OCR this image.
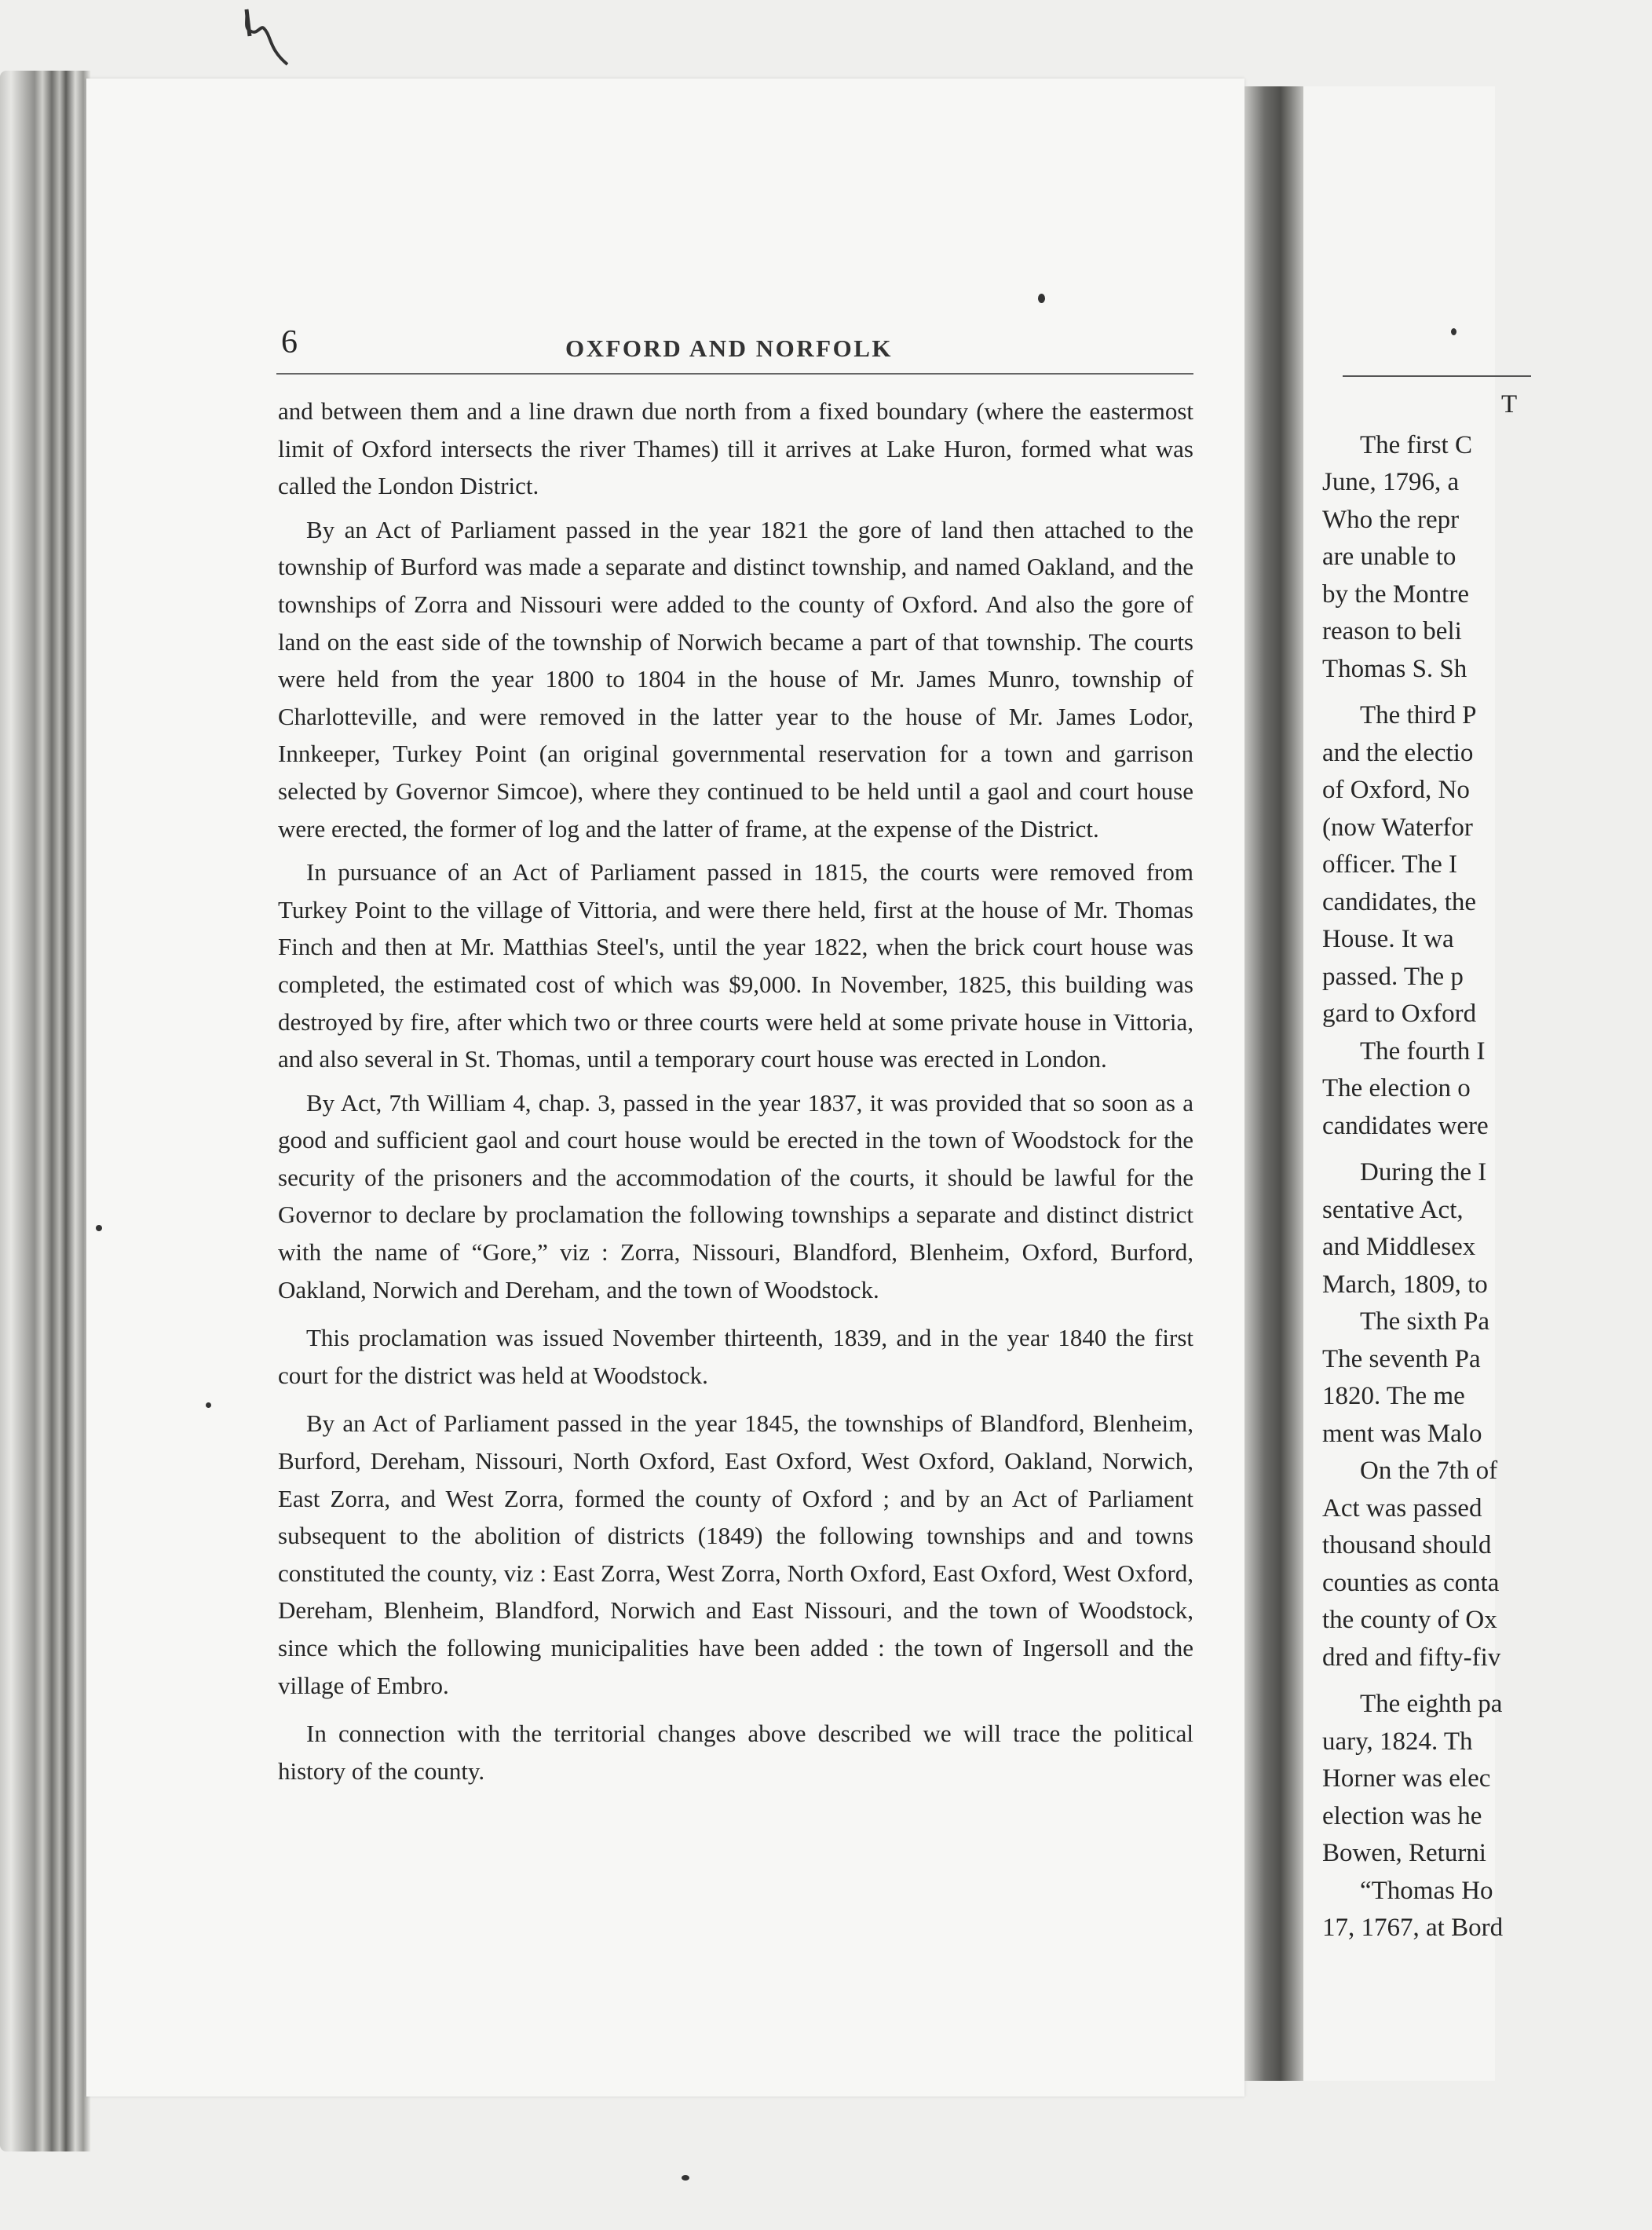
T
The first C
June, 1796, a
Who the repr
are unable to
by the Montre
reason to beli
Thomas S. Sh
The third P
and the electio
of Oxford, No
(now Waterfor
officer. The I
candidates, the
House. It wa
passed. The p
gard to Oxford
The fourth I
The election o
candidates were
During the I
sentative Act,
and Middlesex
March, 1809, to
The sixth Pa
The seventh Pa
1820. The me
ment was Malo
On the 7th of
Act was passed
thousand should
counties as conta
the county of Ox
dred and fifty-fiv
The eighth pa
uary, 1824. Th
Horner was elec
election was he
Bowen, Returni
“Thomas Ho
17, 1767, at Bord
6	OXFORD AND NORFOLK

and between them and a line drawn due north from a fixed boundary (where the eastermost limit of Oxford intersects the river Thames) till it arrives at Lake Huron, formed what was called the London District.

By an Act of Parliament passed in the year 1821 the gore of land then attached to the township of Burford was made a separate and distinct township, and named Oakland, and the townships of Zorra and Nissouri were added to the county of Oxford. And also the gore of land on the east side of the township of Norwich became a part of that township. The courts were held from the year 1800 to 1804 in the house of Mr. James Munro, township of Charlotteville, and were removed in the latter year to the house of Mr. James Lodor, Innkeeper, Turkey Point (an original governmental reservation for a town and garrison selected by Governor Simcoe), where they continued to be held until a gaol and court house were erected, the former of log and the latter of frame, at the expense of the District.

In pursuance of an Act of Parliament passed in 1815, the courts were removed from Turkey Point to the village of Vittoria, and were there held, first at the house of Mr. Thomas Finch and then at Mr. Matthias Steel's, until the year 1822, when the brick court house was completed, the estimated cost of which was $9,000. In November, 1825, this building was destroyed by fire, after which two or three courts were held at some private house in Vittoria, and also several in St. Thomas, until a temporary court house was erected in London.

By Act, 7th William 4, chap. 3, passed in the year 1837, it was provided that so soon as a good and sufficient gaol and court house would be erected in the town of Woodstock for the security of the prisoners and the accommodation of the courts, it should be lawful for the Governor to declare by proclamation the following townships a separate and distinct district with the name of “Gore,” viz : Zorra, Nissouri, Blandford, Blenheim, Oxford, Burford, Oakland, Norwich and Dereham, and the town of Woodstock.

This proclamation was issued November thirteenth, 1839, and in the year 1840 the first court for the district was held at Woodstock.

By an Act of Parliament passed in the year 1845, the townships of Blandford, Blenheim, Burford, Dereham, Nissouri, North Oxford, East Oxford, West Oxford, Oakland, Norwich, East Zorra, and West Zorra, formed the county of Oxford ; and by an Act of Parliament subsequent to the abolition of districts (1849) the following townships and and towns constituted the county, viz : East Zorra, West Zorra, North Oxford, East Oxford, West Oxford, Dereham, Blenheim, Blandford, Norwich and East Nissouri, and the town of Woodstock, since which the following municipalities have been added : the town of Ingersoll and the village of Embro.

In connection with the territorial changes above described we will trace the political history of the county.
